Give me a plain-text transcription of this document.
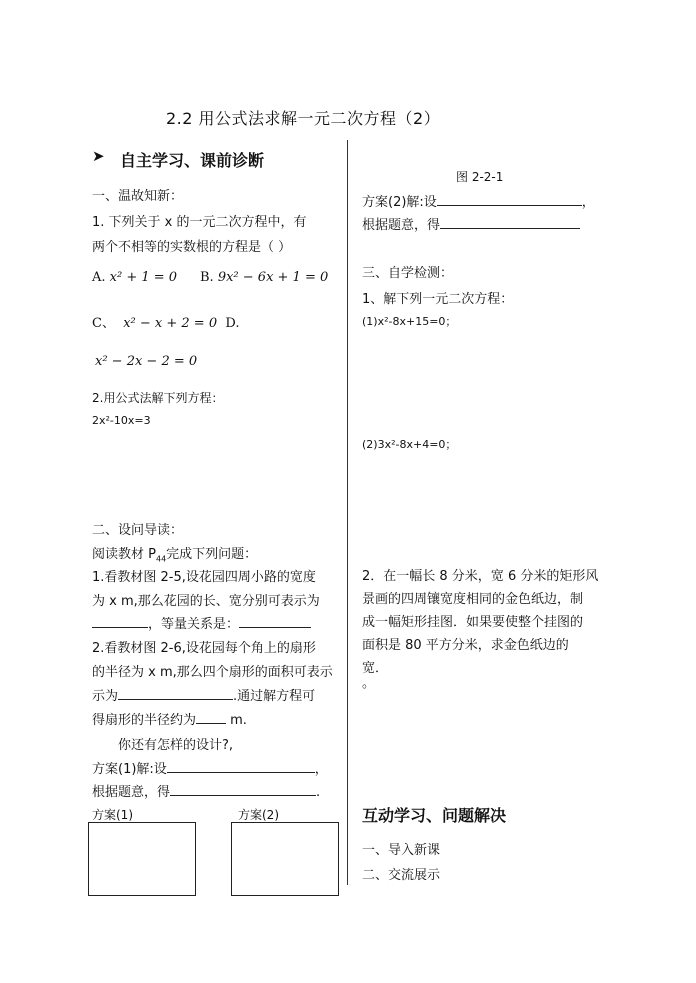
2.2 用公式法求解一元二次方程（2）
➤ 自主学习、课前诊断
一、温故知新：
1. 下列关于 x 的一元二次方程中，有
两个不相等的实数根的方程是（ ）
A. x² + 1 = 0 B. 9x² − 6x + 1 = 0
C、 x² − x + 2 = 0 D.
x² − 2x − 2 = 0
2.用公式法解下列方程：
2x²-10x=3
二、设问导读：
阅读教材 $P_{44}$完成下列问题：
1.看教材图 2-5,设花园四周小路的宽度
为 x m,那么花园的长、宽分别可表示为
，等量关系是：
2.看教材图 2-6,设花园每个角上的扇形
的半径为 x m,那么四个扇形的面积可表示
示为	.通过解方程可
得扇形的半径约为 m.
你还有怎样的设计?,
方案(1)解:设	，
根据题意，得	.
方案(1)	方案(2)
图 2-2-1
方案(2)解:设	，
根据题意，得
三、自学检测：
1、解下列一元二次方程：
(1)x²-8x+15=0；
(2)3x²-8x+4=0；
2．在一幅长 8 分米，宽 6 分米的矩形风
景画的四周镶宽度相同的金色纸边，制
成一幅矩形挂图．如果要使整个挂图的
面积是 80 平方分米，求金色纸边的
宽．
。
互动学习、问题解决
一、导入新课
二、交流展示
